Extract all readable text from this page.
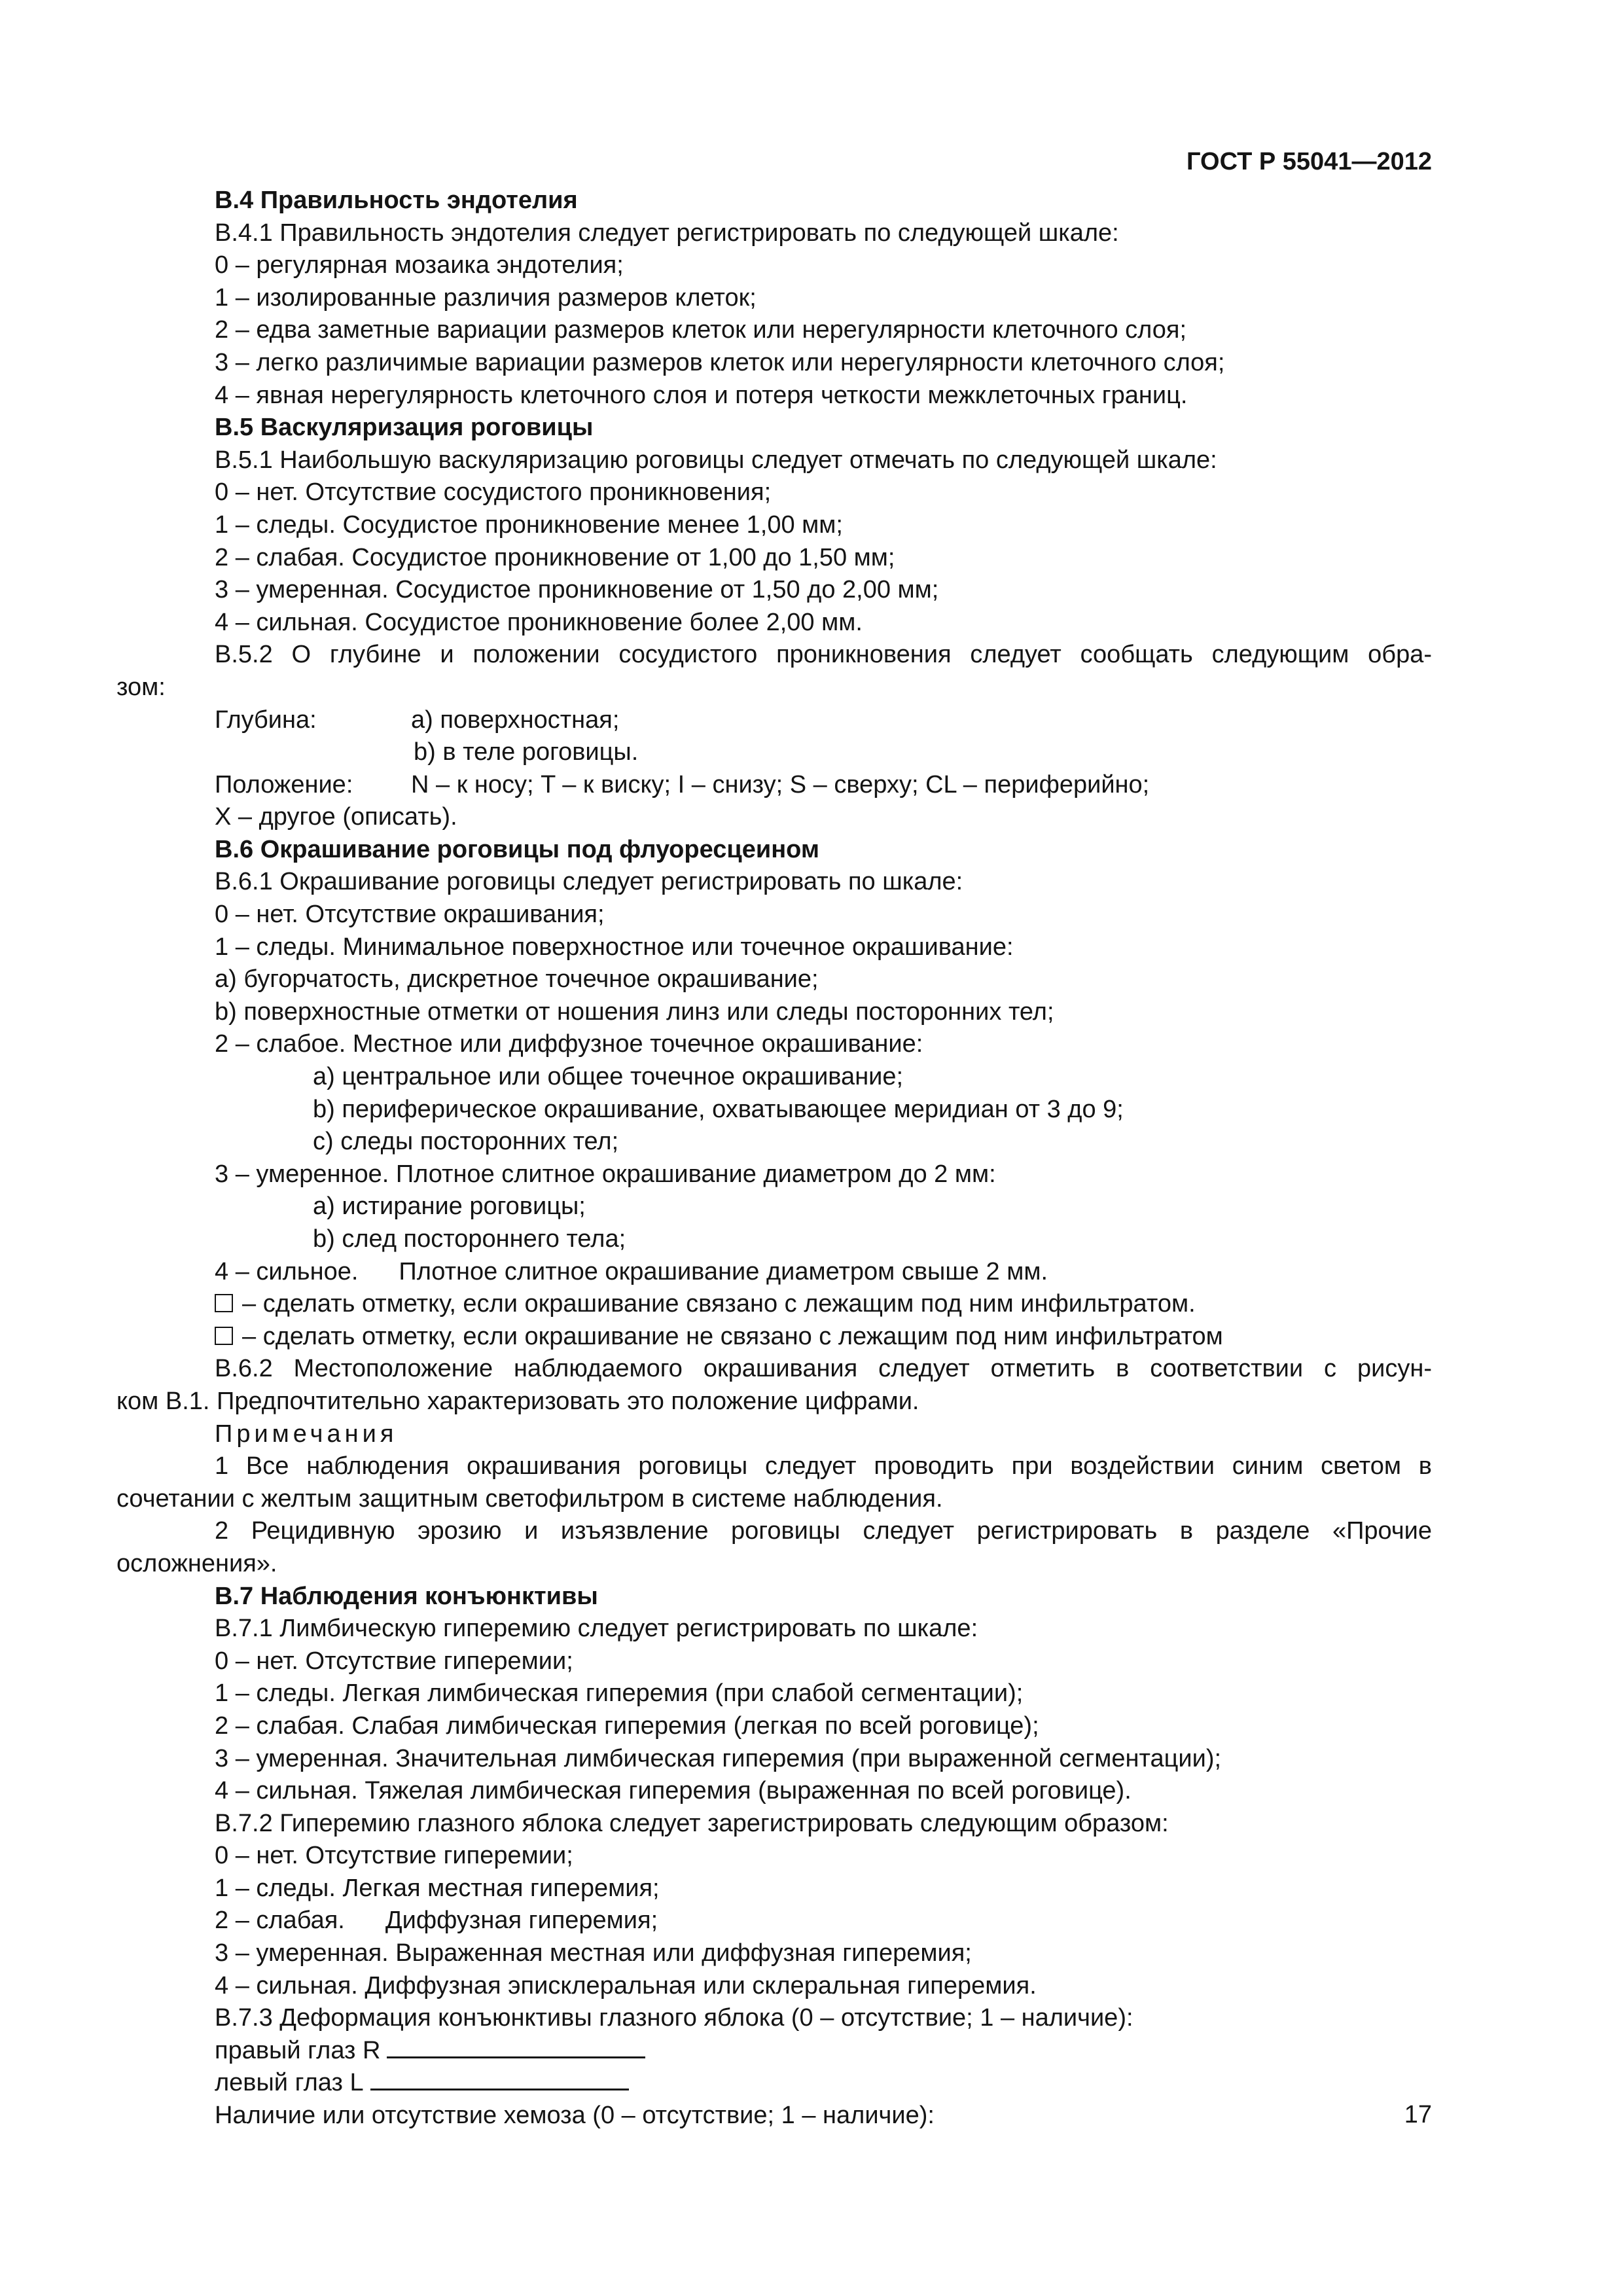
ГОСТ Р 55041—2012

В.4 Правильность эндотелия

В.4.1 Правильность эндотелия следует регистрировать по следующей шкале:

0 – регулярная мозаика эндотелия;

1 – изолированные различия размеров клеток;

2 – едва заметные вариации размеров клеток или нерегулярности клеточного слоя;

3 – легко различимые вариации размеров клеток или нерегулярности клеточного слоя;

4 – явная нерегулярность клеточного слоя и потеря четкости межклеточных границ.

В.5 Васкуляризация роговицы

В.5.1 Наибольшую васкуляризацию роговицы следует отмечать по следующей шкале:

0 – нет. Отсутствие сосудистого проникновения;

1 – следы. Сосудистое проникновение менее 1,00 мм;

2 – слабая. Сосудистое проникновение от 1,00 до 1,50 мм;

3 – умеренная. Сосудистое проникновение от 1,50 до 2,00 мм;

4 – сильная. Сосудистое проникновение более 2,00 мм.

В.5.2 О глубине и положении сосудистого проникновения следует сообщать следующим обра-

зом:

Глубина:	а) поверхностная;

b) в теле роговицы.

Положение: N – к носу; T – к виску; I – снизу; S – сверху; CL – периферийно;

X – другое (описать).

В.6 Окрашивание роговицы под флуоресцеином

В.6.1 Окрашивание роговицы следует регистрировать по шкале:

0 – нет. Отсутствие окрашивания;

1 – следы. Минимальное поверхностное или точечное окрашивание:

а) бугорчатость, дискретное точечное окрашивание;

b) поверхностные отметки от ношения линз или следы посторонних тел;

2 – слабое. Местное или диффузное точечное окрашивание:

а) центральное или общее точечное окрашивание;

b) периферическое окрашивание, охватывающее меридиан от 3 до 9;

с) следы посторонних тел;

3 – умеренное. Плотное слитное окрашивание диаметром до 2 мм:

а) истирание роговицы;

b) след постороннего тела;

4 – сильное. Плотное слитное окрашивание диаметром свыше 2 мм.

– сделать отметку, если окрашивание связано с лежащим под ним инфильтратом.

– сделать отметку, если окрашивание не связано с лежащим под ним инфильтратом

В.6.2 Местоположение наблюдаемого окрашивания следует отметить в соответствии с рисун-

ком В.1. Предпочтительно характеризовать это положение цифрами.

Примечания

1 Все наблюдения окрашивания роговицы следует проводить при воздействии синим светом в

сочетании с желтым защитным светофильтром в системе наблюдения.

2 Рецидивную эрозию и изъязвление роговицы следует регистрировать в разделе «Прочие

осложнения».

В.7 Наблюдения конъюнктивы

В.7.1 Лимбическую гиперемию следует регистрировать по шкале:

0 – нет. Отсутствие гиперемии;

1 – следы. Легкая лимбическая гиперемия (при слабой сегментации);

2 – слабая. Слабая лимбическая гиперемия (легкая по всей роговице);

3 – умеренная. Значительная лимбическая гиперемия (при выраженной сегментации);

4 – сильная. Тяжелая лимбическая гиперемия (выраженная по всей роговице).

В.7.2 Гиперемию глазного яблока следует зарегистрировать следующим образом:

0 – нет. Отсутствие гиперемии;

1 – следы. Легкая местная гиперемия;

2 – слабая. Диффузная гиперемия;

3 – умеренная. Выраженная местная или диффузная гиперемия;

4 – сильная. Диффузная эписклеральная или склеральная гиперемия.

В.7.3 Деформация конъюнктивы глазного яблока (0 – отсутствие; 1 – наличие):

правый глаз R

левый глаз L

Наличие или отсутствие хемоза (0 – отсутствие; 1 – наличие):	17
